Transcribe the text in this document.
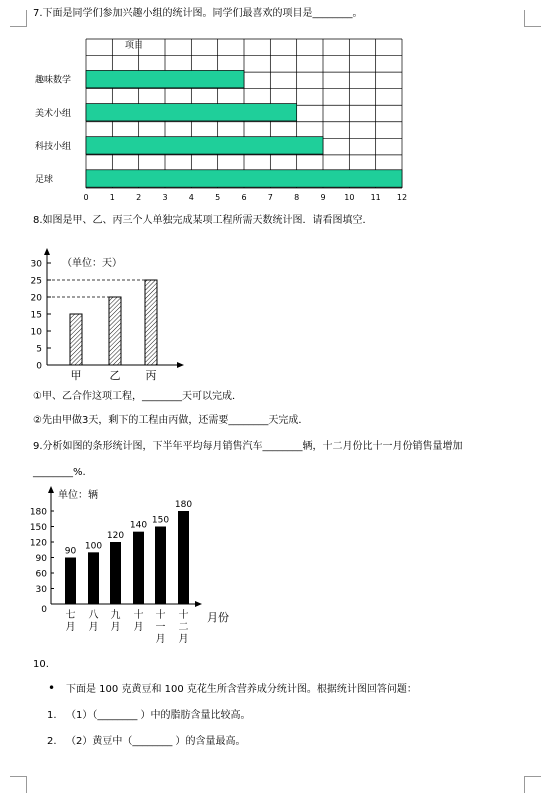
7.下面是同学们参加兴趣小组的统计图。同学们最喜欢的项目是________。
项目
趣味数学
美术小组
科技小组
足球
0	1	2	3	4	5	6	7	8	9 10 11 12
8.如图是甲、乙、丙三个人单独完成某项工程所需天数统计图．请看图填空．
0
5
10
15
20
25
30 （单位：天）
甲	乙 丙
①甲、乙合作这项工程，________天可以完成．
②先由甲做3天，剩下的工程由丙做，还需要________天完成．
9.分析如图的条形统计图，下半年平均每月销售汽车________辆，十二月份比十一月份销售量增加
________%.
单位：辆
0
30
60
90
120
150
180
90
七
月
100
八
月
120
九
月
140
十
月
150
十
一
月
180
十
二
月
月份
10.
• 下面是 100 克黄豆和 100 克花生所含营养成分统计图。根据统计图回答问题：
1. （1）（________ ）中的脂肪含量比较高。
2. （2）黄豆中（________ ）的含量最高。
